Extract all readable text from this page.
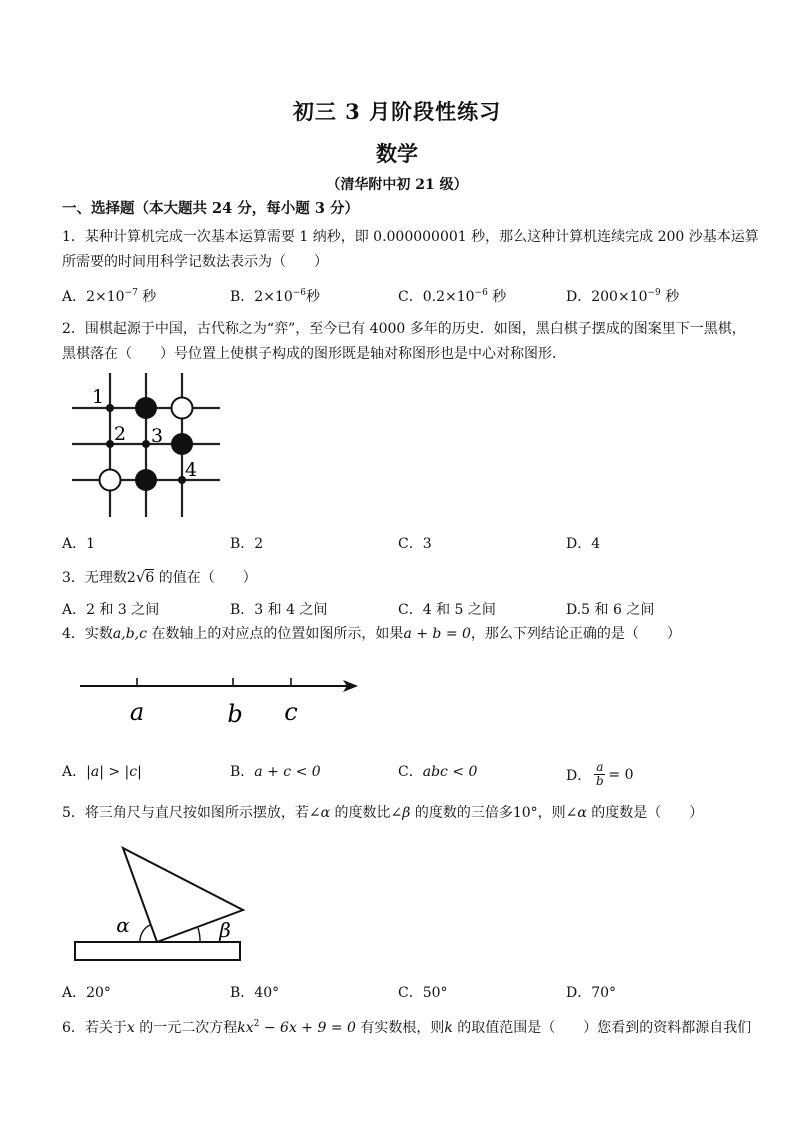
初三 3 月阶段性练习
数学
（清华附中初 21 级）
一、选择题（本大题共 24 分，每小题 3 分）
1．某种计算机完成一次基本运算需要 1 纳秒，即 0.000000001 秒，那么这种计算机连续完成 200 沙基本运算
所需要的时间用科学记数法表示为（　　）
A．$2\times 10^{-7}$ 秒	B．$2\times 10^{-6}$秒	C．$0.2\times 10^{-6}$ 秒	D．$200\times 10^{-9}$ 秒
2．围棋起源于中国，古代称之为“弈”，至今已有 4000 多年的历史．如图，黑白棋子摆成的图案里下一黑棋，
黑棋落在（　　）号位置上使棋子构成的图形既是轴对称图形也是中心对称图形．
1
2 3
4
A．1	B．2	C．3	D．4
3．无理数2√6 的值在（　　）
A．2 和 3 之间	B．3 和 4 之间	C．4 和 5 之间	D.5 和 6 之间
4．实数a,b,c 在数轴上的对应点的位置如图所示，如果a + b = 0，那么下列结论正确的是（　　）
a	b c
A．|a| > |c|	B．a + c < 0	C．abc < 0	D． $\frac{a}{b} = 0$
5．将三角尺与直尺按如图所示摆放，若∠α 的度数比∠β 的度数的三倍多10°，则∠α 的度数是（　　）
α	β
A．20°	B．40°	C．50°	D．70°
6．若关于x 的一元二次方程$kx^2 - 6x + 9 = 0$ 有实数根，则k 的取值范围是（　　）您看到的资料都源自我们
